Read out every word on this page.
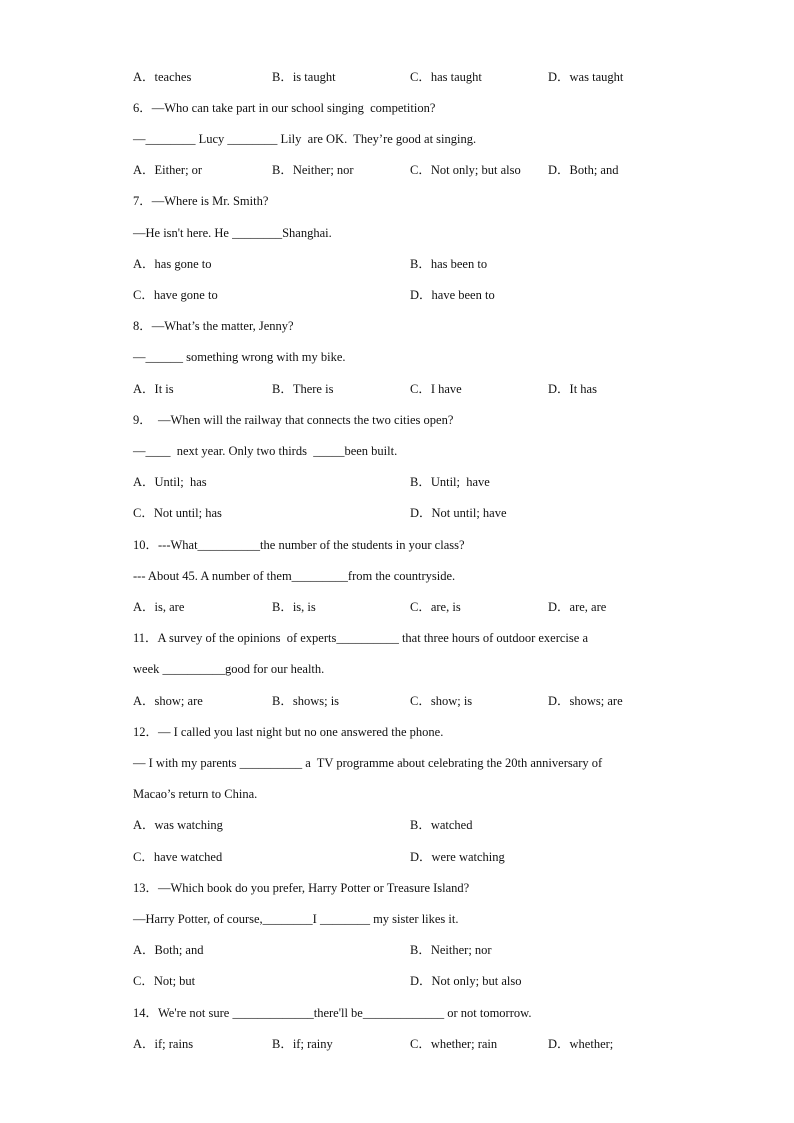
A．teaches	B．is taught	C．has taught	D．was taught
6．—Who can take part in our school singing  competition?
—________ Lucy ________ Lily  are OK.  They’re good at singing.
A．Either; or	B．Neither; nor	C．Not only; but also D．Both; and
7．—Where is Mr. Smith?
—He isn't here. He ________Shanghai.
A．has gone to	B．has been to
C．have gone to	D．have been to
8．—What’s the matter, Jenny?
—______ something wrong with my bike.
A．It is	B．There is	C．I have	D．It has
9．  —When will the railway that connects the two cities open?
—____  next year. Only two thirds  _____been built.
A．Until;  has	B．Until;  have
C．Not until; has	D．Not until; have
10．---What__________the number of the students in your class?
--- About 45. A number of them_________from the countryside.
A．is, are	B．is, is	C．are, is	D．are, are
11．A survey of the opinions  of experts__________ that three hours of outdoor exercise a
week __________good for our health.
A．show; are	B．shows; is	C．show; is	D．shows; are
12．— I called you last night but no one answered the phone.
— I with my parents __________ a  TV programme about celebrating the 20th anniversary of
Macao’s return to China.
A．was watching	B．watched
C．have watched	D．were watching
13．—Which book do you prefer, Harry Potter or Treasure Island?
—Harry Potter, of course,________I ________ my sister likes it.
A．Both; and	B．Neither; nor
C．Not; but	D．Not only; but also
14．We're not sure _____________there'll be_____________ or not tomorrow.
A．if; rains	B．if; rainy	C．whether; rain	D．whether;
